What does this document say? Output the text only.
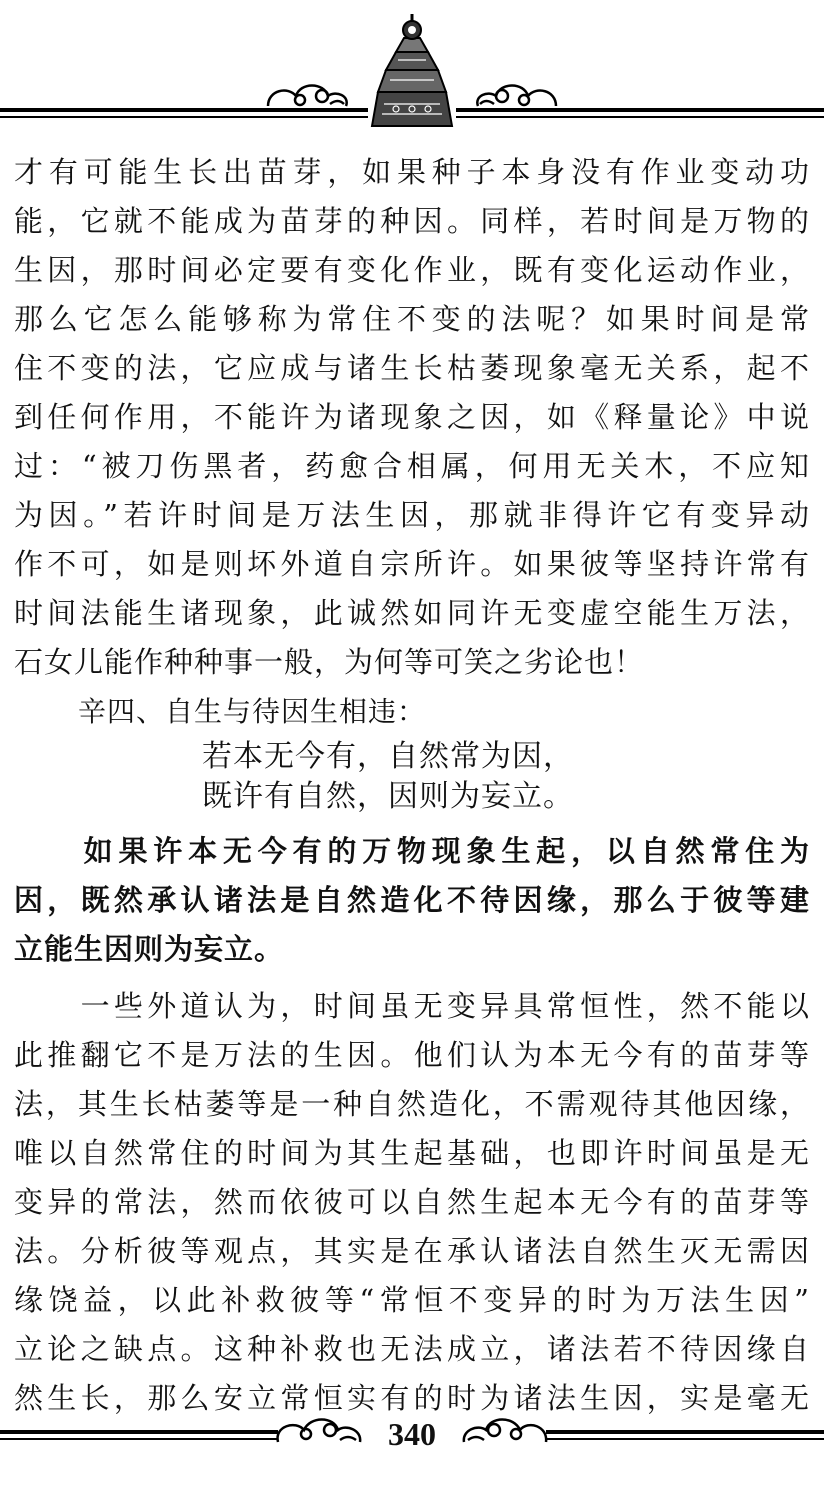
才有可能生长出苗芽，如果种子本身没有作业变动功
能，它就不能成为苗芽的种因。同样，若时间是万物的
生因，那时间必定要有变化作业，既有变化运动作业，
那么它怎么能够称为常住不变的法呢？如果时间是常
住不变的法，它应成与诸生长枯萎现象毫无关系，起不
到任何作用，不能许为诸现象之因，如《释量论》中说
过：“被刀伤黑者，药愈合相属，何用无关木，不应知
为因。”若许时间是万法生因，那就非得许它有变异动
作不可，如是则坏外道自宗所许。如果彼等坚持许常有
时间法能生诸现象，此诚然如同许无变虚空能生万法，
石女儿能作种种事一般，为何等可笑之劣论也！
辛四、自生与待因生相违：
若本无今有，自然常为因，
既许有自然，因则为妄立。
　　如果许本无今有的万物现象生起，以自然常住为
因，既然承认诸法是自然造化不待因缘，那么于彼等建
立能生因则为妄立。
　　一些外道认为，时间虽无变异具常恒性，然不能以
此推翻它不是万法的生因。他们认为本无今有的苗芽等
法，其生长枯萎等是一种自然造化，不需观待其他因缘，
唯以自然常住的时间为其生起基础，也即许时间虽是无
变异的常法，然而依彼可以自然生起本无今有的苗芽等
法。分析彼等观点，其实是在承认诸法自然生灭无需因
缘饶益，以此补救彼等“常恒不变异的时为万法生因”
立论之缺点。这种补救也无法成立，诸法若不待因缘自
然生长，那么安立常恒实有的时为诸法生因，实是毫无
340
